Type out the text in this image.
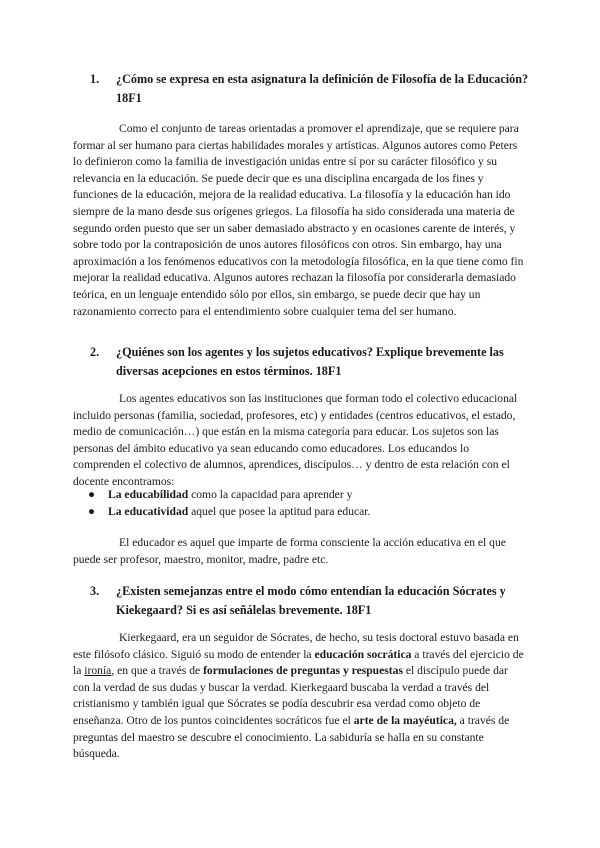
1. ¿Cómo se expresa en esta asignatura la definición de Filosofía de la Educación? 18F1
Como el conjunto de tareas orientadas a promover el aprendizaje, que se requiere para formar al ser humano para ciertas habilidades morales y artísticas. Algunos autores como Peters lo definieron como la familia de investigación unidas entre sí por su carácter filosófico y su relevancia en la educación. Se puede decir que es una disciplina encargada de los fines y funciones de la educación, mejora de la realidad educativa. La filosofía y la educación han ido siempre de la mano desde sus orígenes griegos. La filosofía ha sido considerada una materia de segundo orden puesto que ser un saber demasiado abstracto y en ocasiones carente de interés, y sobre todo por la contraposición de unos autores filosóficos con otros. Sin embargo, hay una aproximación a los fenómenos educativos con la metodología filosófica, en la que tiene como fin mejorar la realidad educativa. Algunos autores rechazan la filosofía por considerarla demasiado teórica, en un lenguaje entendido sólo por ellos, sin embargo, se puede decir que hay un razonamiento correcto para el entendimiento sobre cualquier tema del ser humano.
2. ¿Quiénes son los agentes y los sujetos educativos? Explique brevemente las diversas acepciones en estos términos. 18F1
Los agentes educativos son las instituciones que forman todo el colectivo educacional incluido personas (familia, sociedad, profesores, etc) y entidades (centros educativos, el estado, medio de comunicación…) que están en la misma categoría para educar. Los sujetos son las personas del ámbito educativo ya sean educando como educadores. Los educandos lo comprenden el colectivo de alumnos, aprendices, discípulos… y dentro de esta relación con el docente encontramos:
● La educabilidad como la capacidad para aprender y
● La educatividad aquel que posee la aptitud para educar.
El educador es aquel que imparte de forma consciente la acción educativa en el que puede ser profesor, maestro, monitor, madre, padre etc.
3. ¿Existen semejanzas entre el modo cómo entendían la educación Sócrates y Kiekegaard? Si es así señálelas brevemente. 18F1
Kierkegaard, era un seguidor de Sócrates, de hecho, su tesis doctoral estuvo basada en este filósofo clásico. Siguió su modo de entender la educación socrática a través del ejercicio de la ironía, en que a través de formulaciones de preguntas y respuestas el discípulo puede dar con la verdad de sus dudas y buscar la verdad. Kierkegaard buscaba la verdad a través del cristianismo y también igual que Sócrates se podía descubrir esa verdad como objeto de enseñanza. Otro de los puntos coincidentes socráticos fue el arte de la mayéutica, a través de preguntas del maestro se descubre el conocimiento. La sabiduría se halla en su constante búsqueda.
